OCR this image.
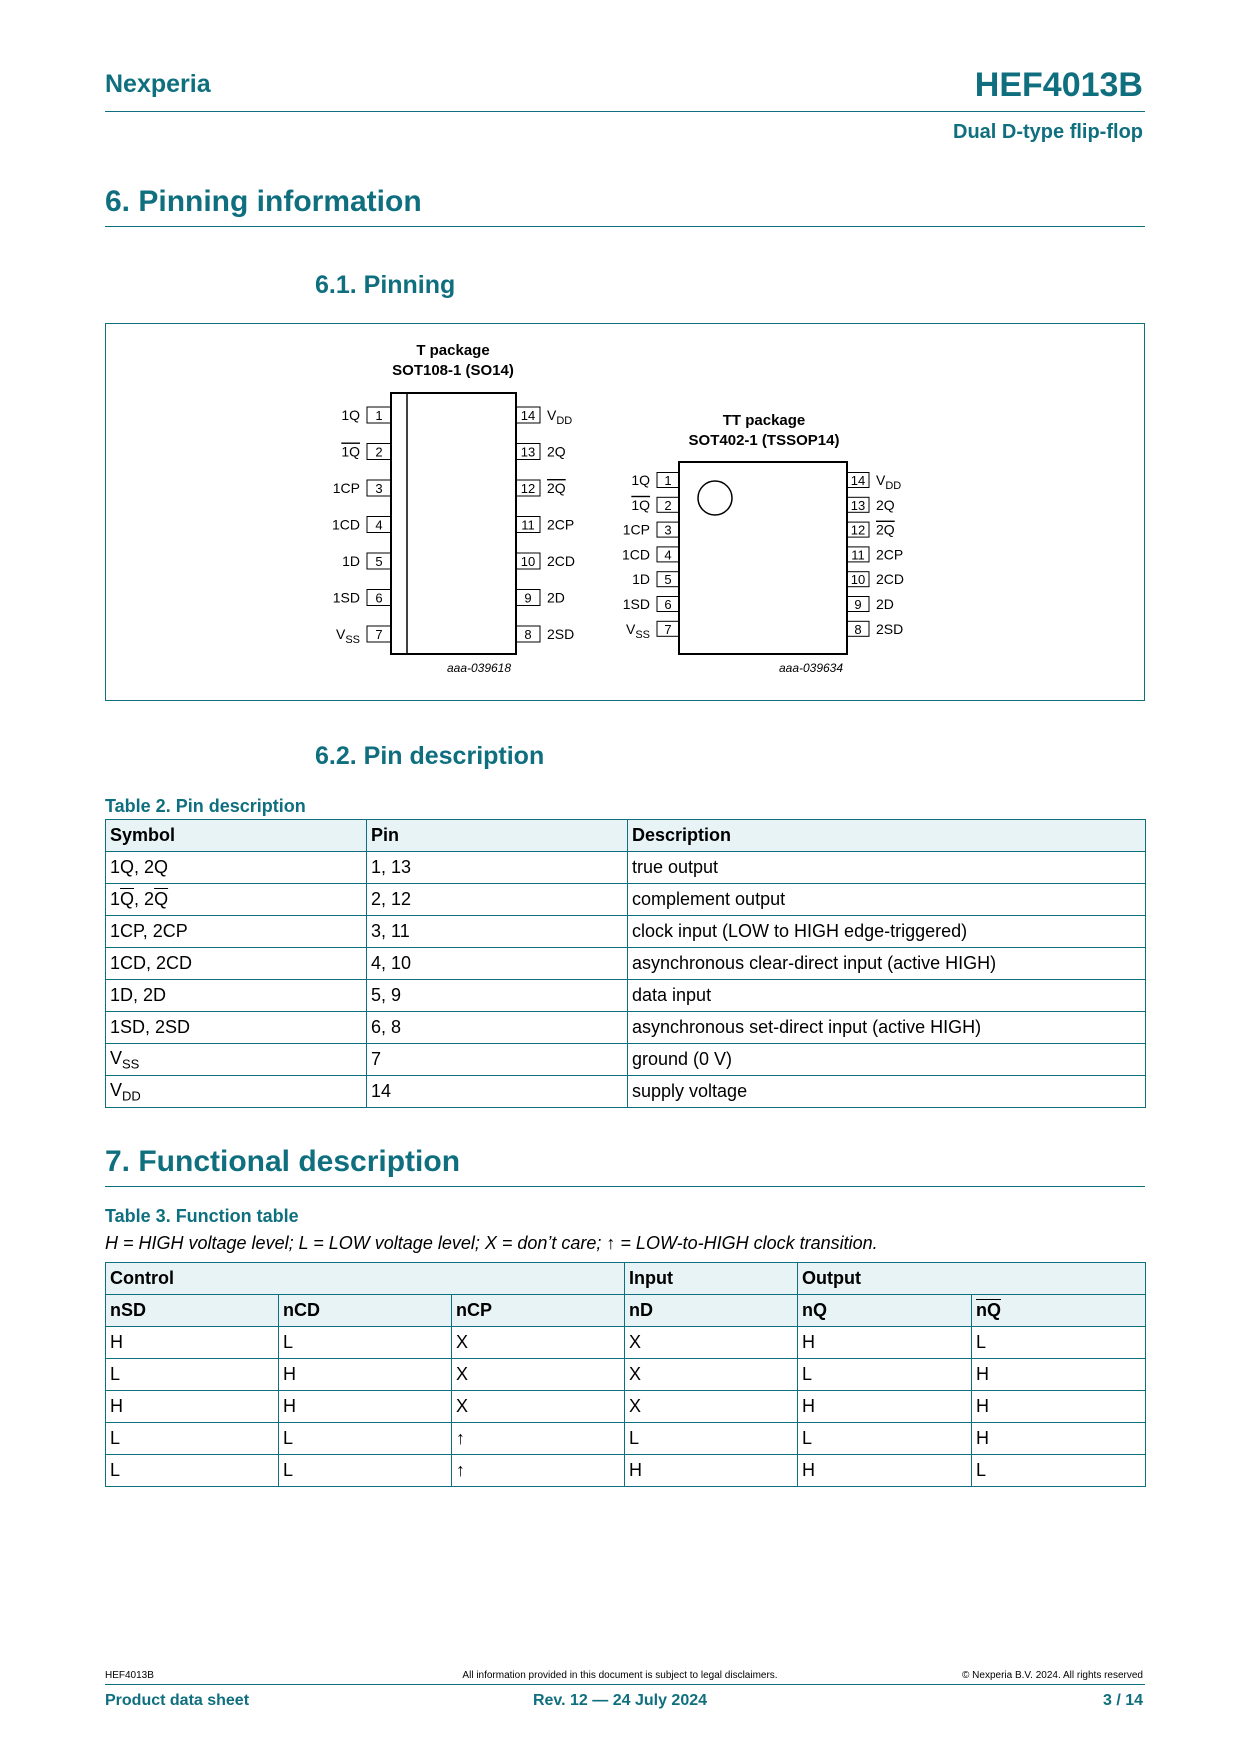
Nexperia	HEF4013B
Dual D-type flip-flop
6. Pinning information
6.1. Pinning
T package
SOT108-1 (SO14)
1
1Q
2
1Q
3
1CP
4
1CD
5
1D
6
1SD
7
$V_{SS}$
14 $V_{DD}$
13 2Q
12 2Q
11 2CP
10 2CD
9 2D
8 2SD
aaa-039618
TT package
SOT402-1 (TSSOP14)
1
1Q
2
1Q
3
1CP
4
1CD
5
1D
6
1SD
7
$V_{SS}$
14 $V_{DD}$
13 2Q
12 2Q
11 2CP
10 2CD
9 2D
8 2SD
aaa-039634
6.2. Pin description
Table 2. Pin description
Symbol	Pin	Description
1Q, 2Q	1, 13	true output
$1\overline{Q}$, $2\overline{Q}$	2, 12	complement output
1CP, 2CP	3, 11	clock input (LOW to HIGH edge-triggered)
1CD, 2CD	4, 10	asynchronous clear-direct input (active HIGH)
1D, 2D	5, 9	data input
1SD, 2SD	6, 8	asynchronous set-direct input (active HIGH)
$V_{SS}$	7	ground (0 V)
$V_{DD}$	14	supply voltage
7. Functional description
Table 3. Function table
H = HIGH voltage level; L = LOW voltage level; X = don’t care; ↑ = LOW-to-HIGH clock transition.
Control			Input	Output	
nSD	nCD	nCP	nD	nQ	$\overline{nQ}$
H	L	X	X	H	L
L	H	X	X	L	H
H	H	X	X	H	H
L	L	↑	L	L	H
L	L	↑	H	H	L
HEF4013B	All information provided in this document is subject to legal disclaimers.	© Nexperia B.V. 2024. All rights reserved
Product data sheet	Rev. 12 — 24 July 2024	3 / 14
